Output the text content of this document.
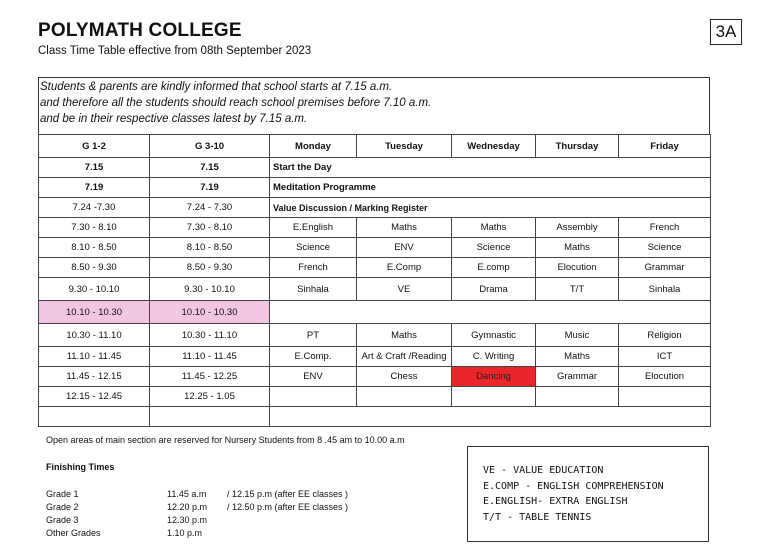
POLYMATH COLLEGE
Class Time Table effective from 08th September 2023
3A
Students & parents are kindly informed that school starts at 7.15 a.m.
and therefore all the students should reach school premises before 7.10 a.m.
and be in their respective classes latest by 7.15 a.m.
G 1-2	G 3-10	Monday	Tuesday	Wednesday	Thursday	Friday
7.15	7.15	Start the Day				
7.19	7.19	Meditation Programme				
7.24 -7.30	7.24 - 7.30	Value Discussion / Marking Register				
7.30 - 8.10	7.30 - 8.10	E.English	Maths	Maths	Assembly	French
8.10 - 8.50	8.10 - 8.50	Science	ENV	Science	Maths	Science
8.50 - 9.30	8.50 - 9.30	French	E.Comp	E.comp	Elocution	Grammar
9.30 - 10.10	9.30 - 10.10	Sinhala	VE	Drama	T/T	Sinhala
10.10 - 10.30	10.10 - 10.30					
10.30 - 11.10	10.30 - 11.10	PT	Maths	Gymnastic	Music	Religion
11.10 - 11.45	11.10 - 11.45	E.Comp.	Art & Craft /Reading	C. Writing	Maths	ICT
11.45 - 12.15	11.45 - 12.25	ENV	Chess	Dancing	Grammar	Elocution
12.15 - 12.45	12.25 - 1.05					

Open areas of main section are reserved for Nursery Students from 8 .45 am to 10.00 a.m
Finishing Times
Grade 1	11.45 a.m / 12.15 p.m (after EE classes )
Grade 2	12.20 p.m / 12.50 p.m (after EE classes )
Grade 3	12.30 p.m
Other Grades	1.10 p.m
VE - VALUE EDUCATION
E.COMP - ENGLISH COMPREHENSION
E.ENGLISH- EXTRA ENGLISH
T/T - TABLE TENNIS
